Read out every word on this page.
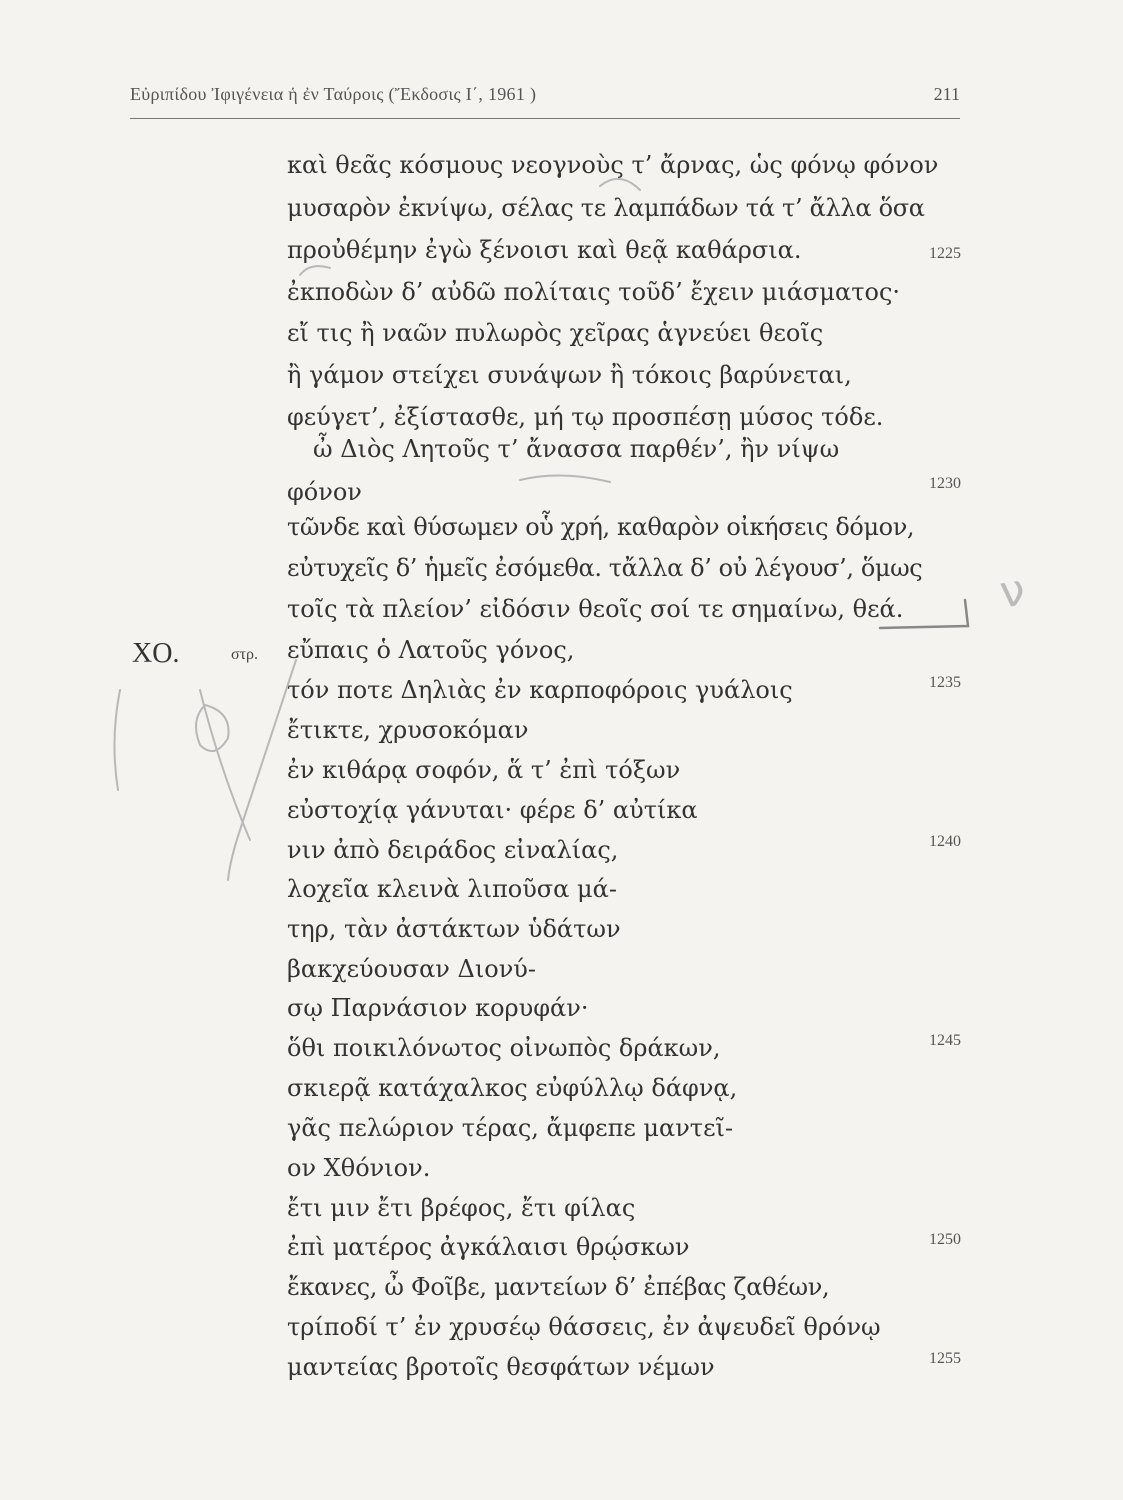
Εὐριπίδου Ἰφιγένεια ἡ ἐν Ταύροις (Ἔκδοσις Ι΄, 1961 )	211
καὶ θεᾶς κόσμους νεογνοὺς τ’ ἄρνας, ὡς φόνῳ φόνον
μυσαρὸν ἐκνίψω, σέλας τε λαμπάδων τά τ’ ἄλλα ὅσα
προὐθέμην ἐγὼ ξένοισι καὶ θεᾷ καθάρσια.
ἐκποδὼν δ’ αὐδῶ πολίταις τοῦδ’ ἔχειν μιάσματος·
εἴ τις ἢ ναῶν πυλωρὸς χεῖρας ἁγνεύει θεοῖς
ἢ γάμον στείχει συνάψων ἢ τόκοις βαρύνεται,
φεύγετ’, ἐξίστασθε, μή τῳ προσπέσῃ μύσος τόδε.
ὦ Διὸς Λητοῦς τ’ ἄνασσα παρθέν’, ἢν νίψω
φόνον
τῶνδε καὶ θύσωμεν οὗ χρή, καθαρὸν οἰκήσεις δόμον,
εὐτυχεῖς δ’ ἡμεῖς ἐσόμεθα. τἄλλα δ’ οὐ λέγουσ’, ὅμως
τοῖς τὰ πλείον’ εἰδόσιν θεοῖς σοί τε σημαίνω, θεά.
εὔπαις ὁ Λατοῦς γόνος,
τόν ποτε Δηλιὰς ἐν καρποφόροις γυάλοις
ἔτικτε, χρυσοκόμαν
ἐν κιθάρᾳ σοφόν, ἅ τ’ ἐπὶ τόξων
εὐστοχίᾳ γάνυται· φέρε δ’ αὐτίκα
νιν ἀπὸ δειράδος εἰναλίας,
λοχεῖα κλεινὰ λιποῦσα μά-
τηρ, τὰν ἀστάκτων ὑδάτων
βακχεύουσαν Διονύ-
σῳ Παρνάσιον κορυφάν·
ὅθι ποικιλόνωτος οἰνωπὸς δράκων,
σκιερᾷ κατάχαλκος εὐφύλλῳ δάφνᾳ,
γᾶς πελώριον τέρας, ἄμφεπε μαντεῖ-
ον Χθόνιον.
ἔτι μιν ἔτι βρέφος, ἔτι φίλας
ἐπὶ ματέρος ἀγκάλαισι θρῴσκων
ἔκανες, ὦ Φοῖβε, μαντείων δ’ ἐπέβας ζαθέων,
τρίποδί τ’ ἐν χρυσέῳ θάσσεις, ἐν ἀψευδεῖ θρόνῳ
μαντείας βροτοῖς θεσφάτων νέμων
1225
1230
1235
1240
1245
1250
1255
ΧΟ.	στρ.
ν
